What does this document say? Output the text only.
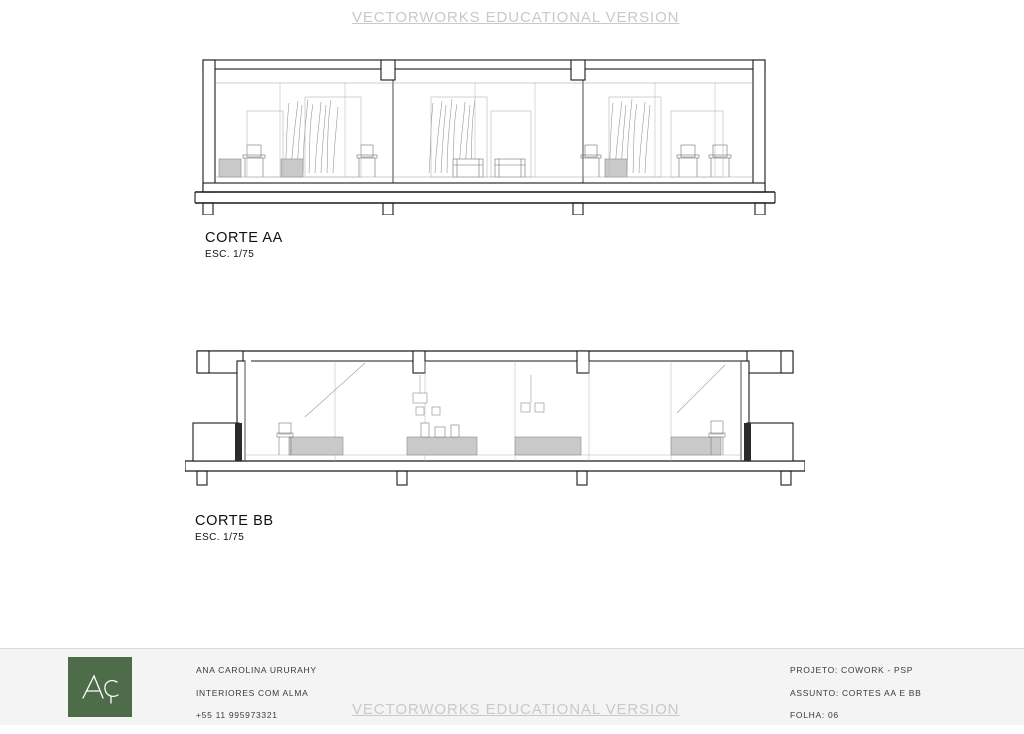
VECTORWORKS EDUCATIONAL VERSION

CORTE AA

ESC. 1/75

CORTE BB

ESC. 1/75

ANA CAROLINA URURAHY
INTERIORES COM ALMA
+55 11 995973321
PROJETO: COWORK - PSP
ASSUNTO: CORTES AA E BB
FOLHA: 06
VECTORWORKS EDUCATIONAL VERSION
